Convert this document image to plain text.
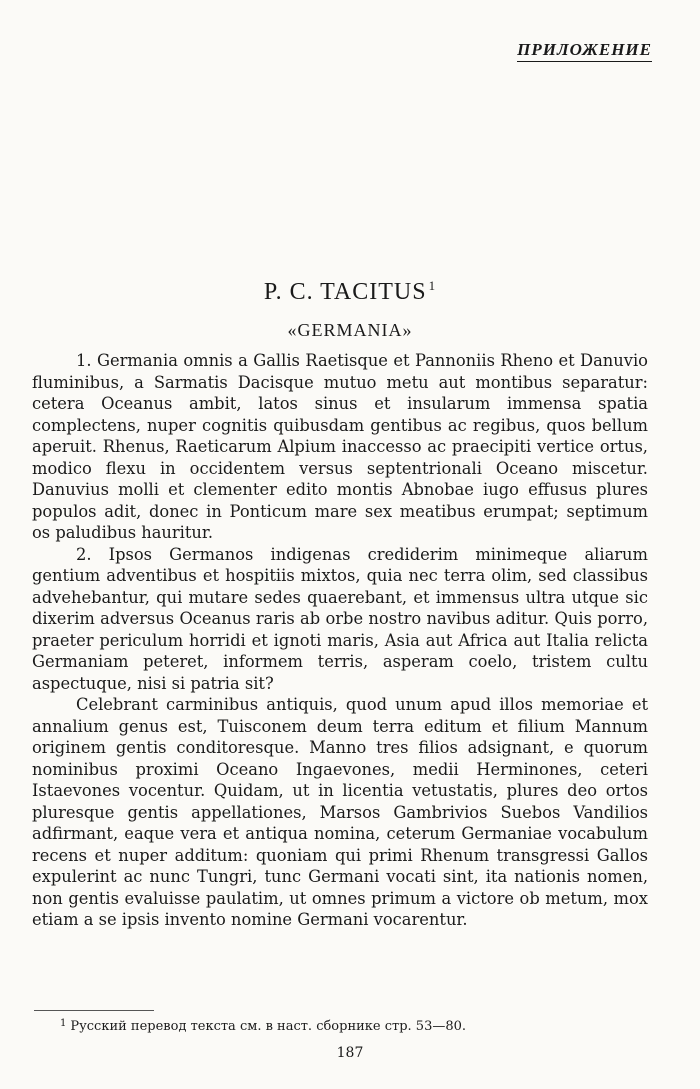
ПРИЛОЖЕНИЕ
P. C. TACITUS $^1$
«GERMANIA»

1. Germania omnis a Gallis Raetisque et Pannoniis Rheno et Danuvio fluminibus, a Sarmatis Dacisque mutuo metu aut montibus separatur: cetera Oceanus ambit, latos sinus et insularum immensa spatia complectens, nuper cognitis quibusdam gentibus ac regibus, quos bellum aperuit. Rhenus, Raeticarum Alpium inaccesso ac praecipiti vertice ortus, modico flexu in occidentem versus septentrionali Oceano miscetur. Danuvius molli et clementer edito montis Abnobae iugo effusus plures populos adit, donec in Ponticum mare sex meatibus erumpat; septimum os paludibus hauritur.

2. Ipsos Germanos indigenas crediderim minimeque aliarum gentium adventibus et hospitiis mixtos, quia nec terra olim, sed classibus advehebantur, qui mutare sedes quaerebant, et immensus ultra utque sic dixerim adversus Oceanus raris ab orbe nostro navibus aditur. Quis porro, praeter periculum horridi et ignoti maris, Asia aut Africa aut Italia relicta Germaniam peteret, informem terris, asperam coelo, tristem cultu aspectuque, nisi si patria sit?

Celebrant carminibus antiquis, quod unum apud illos memoriae et annalium genus est, Tuisconem deum terra editum et filium Mannum originem gentis conditoresque. Manno tres filios adsignant, e quorum nominibus proximi Oceano Ingaevones, medii Herminones, ceteri Istaevones vocentur. Quidam, ut in licentia vetustatis, plures deo ortos pluresque gentis appellationes, Marsos Gambrivios Suebos Vandilios adfirmant, eaque vera et antiqua nomina, ceterum Germaniae vocabulum recens et nuper additum: quoniam qui primi Rhenum transgressi Gallos expulerint ac nunc Tungri, tunc Germani vocati sint, ita nationis nomen, non gentis evaluisse paulatim, ut omnes primum a victore ob metum, mox etiam a se ipsis invento nomine Germani vocarentur.

$^1$ Русский перевод текста см. в наст. сборнике стр. 53—80.
187
